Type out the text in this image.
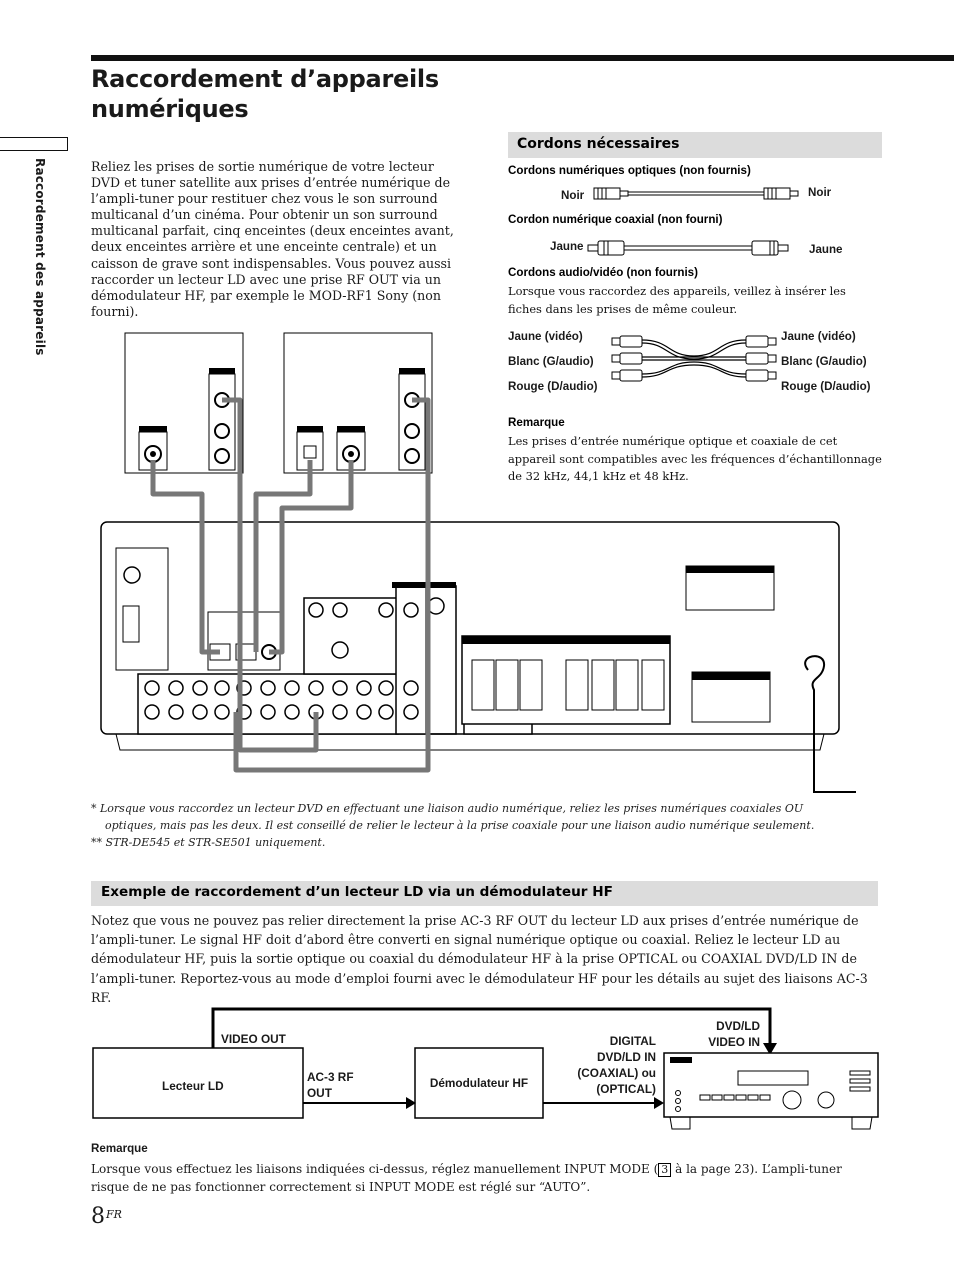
Raccordement d’appareils numériques
Raccordement des appareils	Reliez les prises de sortie numérique de votre lecteur DVD et tuner satellite aux prises d’entrée numérique de l’ampli-tuner pour restituer chez vous le son surround multicanal d’un cinéma. Pour obtenir un son surround multicanal parfait, cinq enceintes (deux enceintes avant, deux enceintes arrière et une enceinte centrale) et un caisson de grave sont indispensables. Vous pouvez aussi raccorder un lecteur LD avec une prise RF OUT via un démodulateur HF, par exemple le MOD-RF1 Sony (non fourni).

Cordons nécessaires
Cordons numériques optiques (non fournis)
Noir	Noir
Cordon numérique coaxial (non fourni)
Jaune	Jaune
Cordons audio/vidéo (non fournis)

Lorsque vous raccordez des appareils, veillez à insérer les fiches dans les prises de même couleur.

Jaune (vidéo)
Blanc (G/audio)
Rouge (D/audio)
Jaune (vidéo)
Blanc (G/audio)
Rouge (D/audio)
Remarque

Les prises d’entrée numérique optique et coaxiale de cet appareil sont compatibles avec les fréquences d’échantillonnage de 32 kHz, 44,1 kHz et 48 kHz.

* Lorsque vous raccordez un lecteur DVD en effectuant une liaison audio numérique, reliez les prises numériques coaxiales OU optiques, mais pas les deux. Il est conseillé de relier le lecteur à la prise coaxiale pour une liaison audio numérique seulement.

** STR-DE545 et STR-SE501 uniquement.

Exemple de raccordement d’un lecteur LD via un démodulateur HF

Notez que vous ne pouvez pas relier directement la prise AC-3 RF OUT du lecteur LD aux prises d’entrée numérique de l’ampli-tuner. Le signal HF doit d’abord être converti en signal numérique optique ou coaxial. Reliez le lecteur LD au démodulateur HF, puis la sortie optique ou coaxial du démodulateur HF à la prise OPTICAL ou COAXIAL DVD/LD IN de l’ampli-tuner. Reportez-vous au mode d’emploi fourni avec le démodulateur HF pour les détails au sujet des liaisons AC-3 RF.

Lecteur LD
VIDEO OUT
AC-3 RF OUT
Démodulateur HF
DIGITAL DVD/LD IN (COAXIAL) ou (OPTICAL)
DVD/LD VIDEO IN
Remarque

Lorsque vous effectuez les liaisons indiquées ci-dessus, réglez manuellement INPUT MODE ( 3 à la page 23). L’ampli-tuner risque de ne pas fonctionner correctement si INPUT MODE est réglé sur “AUTO”.

$8^{FR}$
